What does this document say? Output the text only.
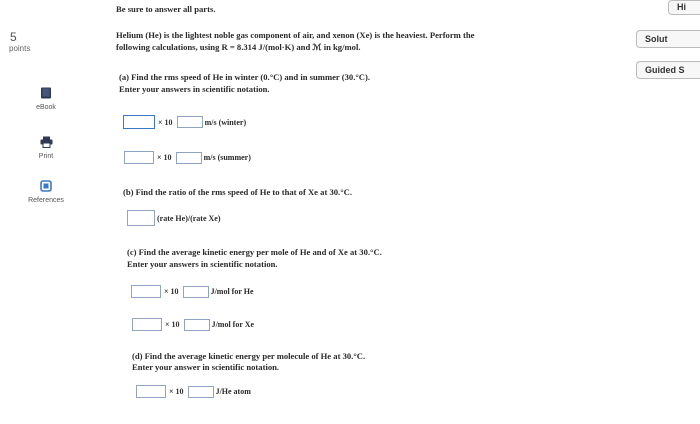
5
points
eBook
Print
References
Be sure to answer all parts.
Helium (He) is the lightest noble gas component of air, and xenon (Xe) is the heaviest. Perform the
following calculations, using R = 8.314 J/(mol·K) and ℳ in kg/mol.
(a) Find the rms speed of He in winter (0.°C) and in summer (30.°C).
Enter your answers in scientific notation.
× 10	m/s (winter)
× 10	m/s (summer)
(b) Find the ratio of the rms speed of He to that of Xe at 30.°C.
(rate He)/(rate Xe)
(c) Find the average kinetic energy per mole of He and of Xe at 30.°C.
Enter your answers in scientific notation.
× 10	J/mol for He
× 10	J/mol for Xe
(d) Find the average kinetic energy per molecule of He at 30.°C.
Enter your answer in scientific notation.
× 10	J/He atom
Hi
Solut
Guided S
